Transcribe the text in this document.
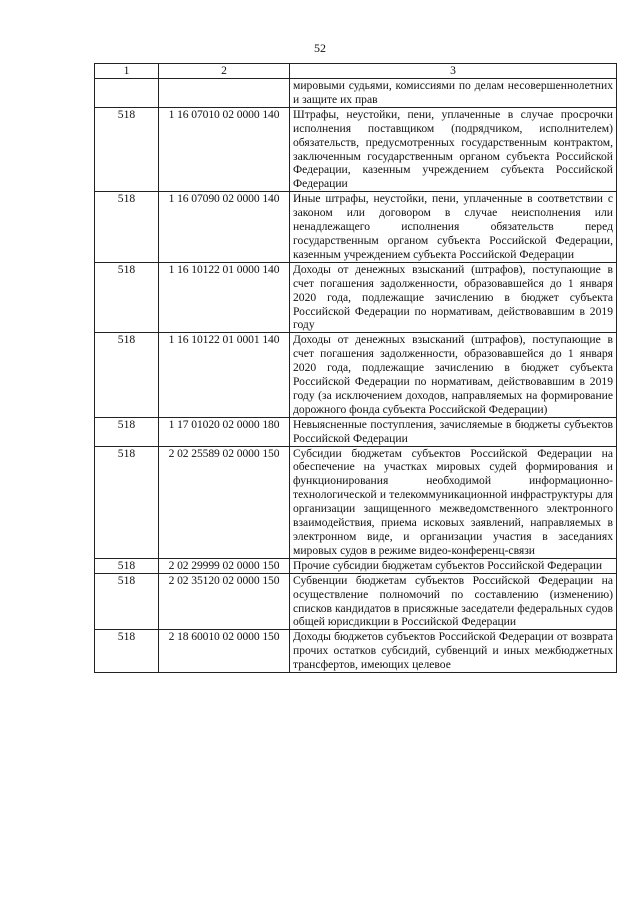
52
1	2	3
		мировыми судьями, комиссиями по делам несовершеннолетних и защите их прав
518	1 16 07010 02 0000 140	Штрафы, неустойки, пени, уплаченные в случае просрочки исполнения поставщиком (подрядчиком, исполнителем) обязательств, предусмотренных государственным контрактом, заключенным государственным органом субъекта Российской Федерации, казенным учреждением субъекта Российской Федерации
518	1 16 07090 02 0000 140	Иные штрафы, неустойки, пени, уплаченные в соответствии с законом или договором в случае неисполнения или ненадлежащего исполнения обязательств перед государственным органом субъекта Российской Федерации, казенным учреждением субъекта Российской Федерации
518	1 16 10122 01 0000 140	Доходы от денежных взысканий (штрафов), поступающие в счет погашения задолженности, образовавшейся до 1 января 2020 года, подлежащие зачислению в бюджет субъекта Российской Федерации по нормативам, действовавшим в 2019 году
518	1 16 10122 01 0001 140	Доходы от денежных взысканий (штрафов), поступающие в счет погашения задолженности, образовавшейся до 1 января 2020 года, подлежащие зачислению в бюджет субъекта Российской Федерации по нормативам, действовавшим в 2019 году (за исключением доходов, направляемых на формирование дорожного фонда субъекта Российской Федерации)
518	1 17 01020 02 0000 180	Невыясненные поступления, зачисляемые в бюджеты субъектов Российской Федерации
518	2 02 25589 02 0000 150	Субсидии бюджетам субъектов Российской Федерации на обеспечение на участках мировых судей формирования и функционирования необходимой информационно-технологической и телекоммуникационной инфраструктуры для организации защищенного межведомственного электронного взаимодействия, приема исковых заявлений, направляемых в электронном виде, и организации участия в заседаниях мировых судов в режиме видео-конференц-связи
518	2 02 29999 02 0000 150	Прочие субсидии бюджетам субъектов Российской Федерации
518	2 02 35120 02 0000 150	Субвенции бюджетам субъектов Российской Федерации на осуществление полномочий по составлению (изменению) списков кандидатов в присяжные заседатели федеральных судов общей юрисдикции в Российской Федерации
518	2 18 60010 02 0000 150	Доходы бюджетов субъектов Российской Федерации от возврата прочих остатков субсидий, субвенций и иных межбюджетных трансфертов, имеющих целевое
